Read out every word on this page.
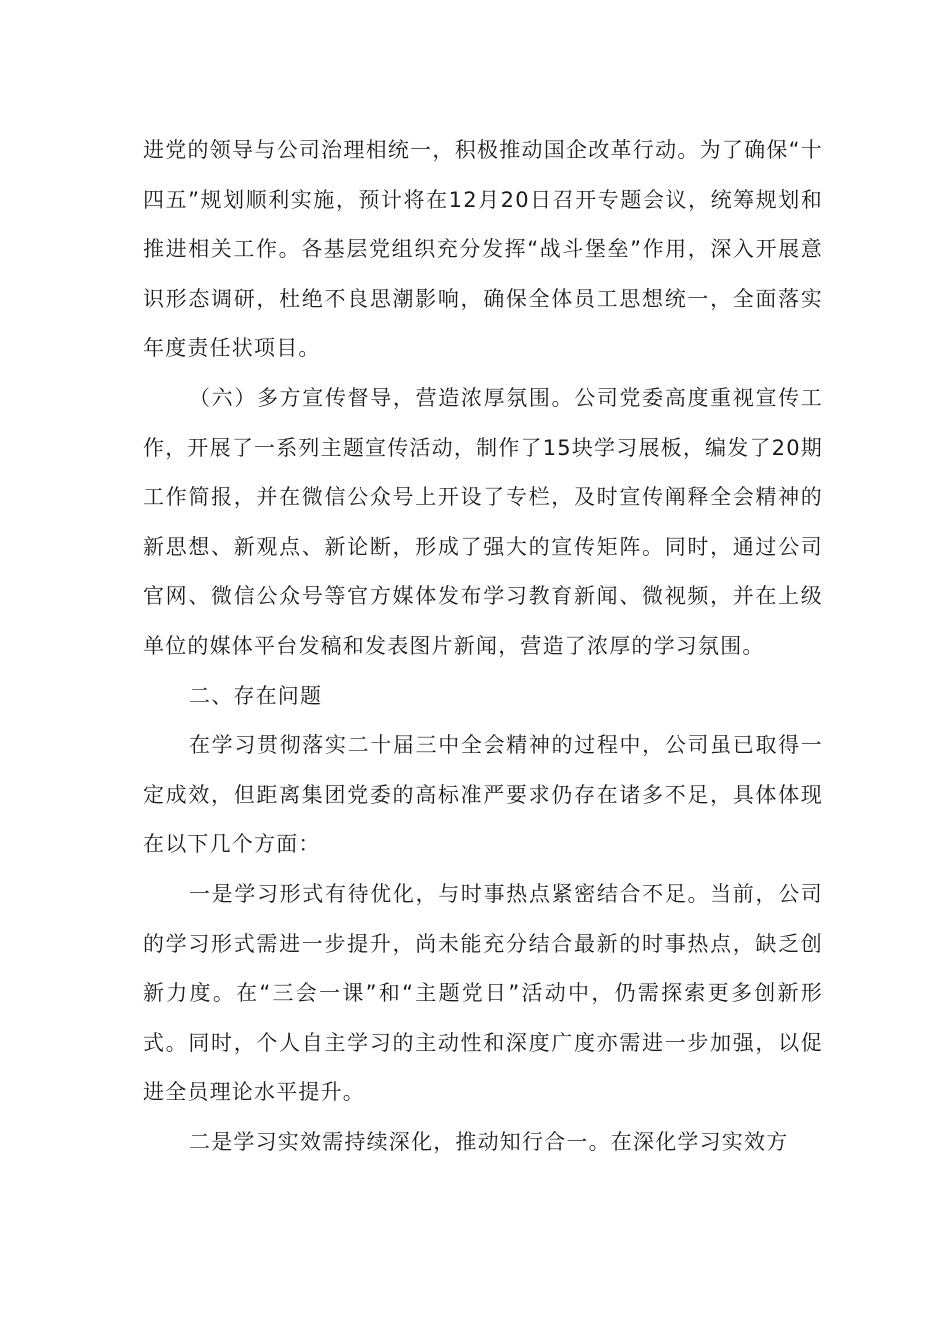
进党的领导与公司治理相统一，积极推动国企改革行动。为了确保“十四五”规划顺利实施，预计将在12月20日召开专题会议，统筹规划和推进相关工作。各基层党组织充分发挥“战斗堡垒”作用，深入开展意识形态调研，杜绝不良思潮影响，确保全体员工思想统一，全面落实年度责任状项目。

（六）多方宣传督导，营造浓厚氛围。公司党委高度重视宣传工作，开展了一系列主题宣传活动，制作了15块学习展板，编发了20期工作简报，并在微信公众号上开设了专栏，及时宣传阐释全会精神的新思想、新观点、新论断，形成了强大的宣传矩阵。同时，通过公司官网、微信公众号等官方媒体发布学习教育新闻、微视频，并在上级单位的媒体平台发稿和发表图片新闻，营造了浓厚的学习氛围。

二、存在问题

在学习贯彻落实二十届三中全会精神的过程中，公司虽已取得一定成效，但距离集团党委的高标准严要求仍存在诸多不足，具体体现在以下几个方面：

一是学习形式有待优化，与时事热点紧密结合不足。当前，公司的学习形式需进一步提升，尚未能充分结合最新的时事热点，缺乏创新力度。在“三会一课”和“主题党日”活动中，仍需探索更多创新形式。同时，个人自主学习的主动性和深度广度亦需进一步加强，以促进全员理论水平提升。

二是学习实效需持续深化，推动知行合一。在深化学习实效方
